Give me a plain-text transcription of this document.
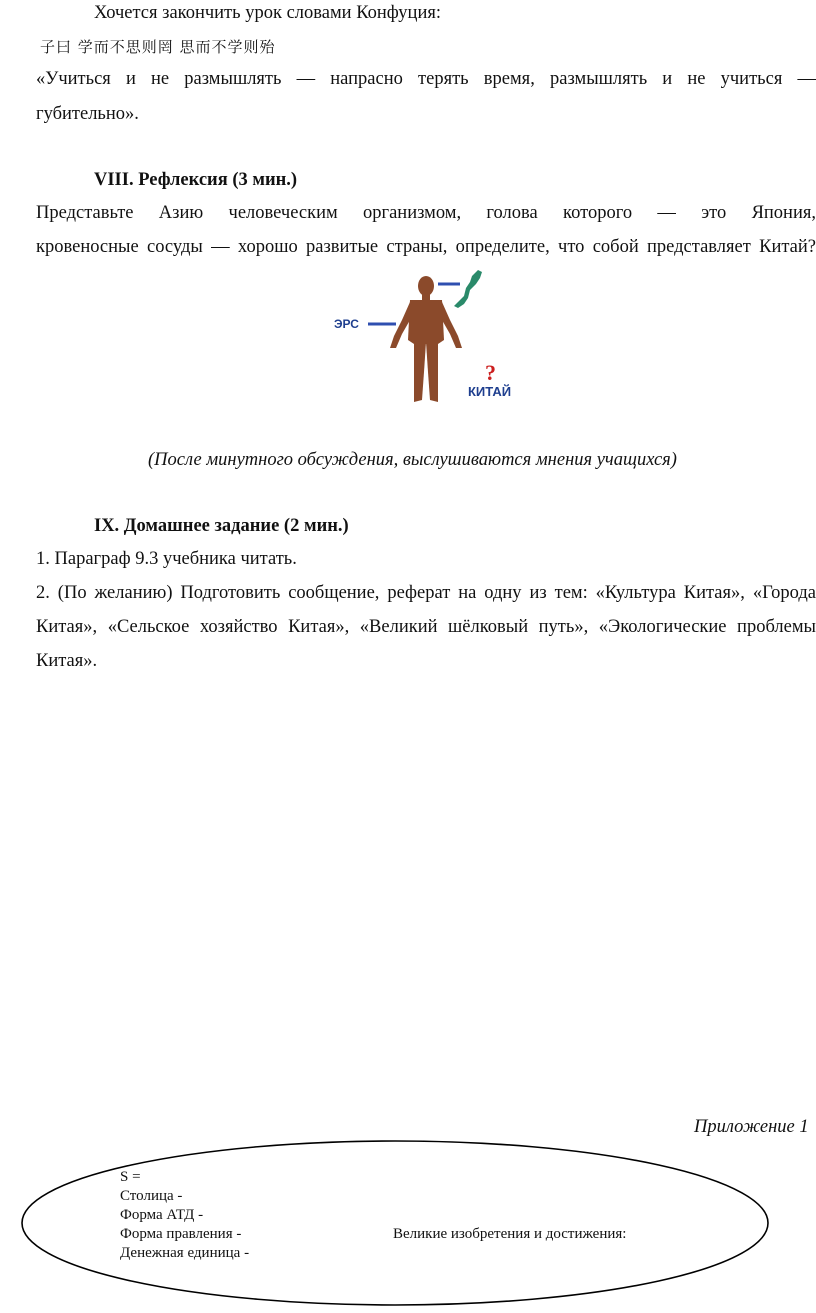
Хочется закончить урок словами Конфуция:
子曰 学而不思则罔 思而不学则殆
«Учиться и не размышлять — напрасно терять время, размышлять и не учиться —
губительно».
VIII. Рефлексия (3 мин.)
Представьте Азию человеческим организмом, голова которого — это Япония,
кровеносные сосуды — хорошо развитые страны, определите, что собой представляет Китай?
ЭРС
?
КИТАЙ
(После минутного обсуждения, выслушиваются мнения учащихся)
IX. Домашнее задание (2 мин.)
1. Параграф 9.3 учебника читать.
2. (По желанию) Подготовить сообщение, реферат на одну из тем: «Культура Китая», «Города
Китая», «Сельское хозяйство Китая», «Великий шёлковый путь», «Экологические проблемы
Китая».
Приложение 1
S =
Столица -
Форма АТД -
Форма правления -
Денежная единица -
Великие изобретения и достижения:
